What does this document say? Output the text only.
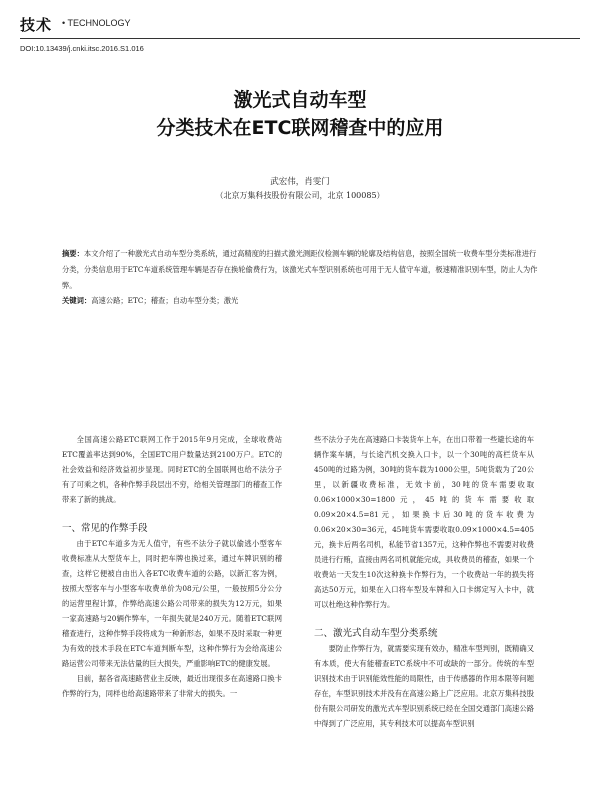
技术 • TECHNOLOGY
DOI:10.13439/j.cnki.itsc.2016.S1.016
激光式自动车型
分类技术在ETC联网稽查中的应用
武宏伟，肖雯门
（北京万集科技股份有限公司，北京 100085）
摘要：本文介绍了一种激光式自动车型分类系统，通过高精度的扫描式激光测距仪检测车辆的轮廓及结构信息，按照全国统一收费车型分类标准进行分类，分类信息用于ETC车道系统管理车辆是否存在换轮偷费行为，该激光式车型识别系统也可用于无人值守车道，极速精准识别车型，防止人为作弊。
关键词：高速公路；ETC；稽查；自动车型分类；激光

全国高速公路ETC联网工作于2015年9月完成，全球收费站ETC覆盖率达到90%，全国ETC用户数量达到2100万户。ETC的社会效益和经济效益初步显现。同时ETC的全国联网也给不法分子有了可乘之机，各种作弊手段层出不穷，给相关管理部门的稽查工作带来了新的挑战。

一、常见的作弊手段

由于ETC车道多为无人值守，有些不法分子就以偷逃小型客车收费标准从大型货车上，同时把车牌也换过来，通过车牌识别的稽查，这样它便被自由出入各ETC收费车道的公路，以新汇客为例，按照大型客车与小型客车收费单价为08元/公里，一般按照5分公分的运营里程计算，作弊给高速公路公司带来的损失为12万元，如果一家高速路与20辆作弊车，一年损失就是240万元。随着ETC联网稽查进行，这种作弊手段将成为一种新形态，如果不及时采取一种更为有效的技术手段在ETC车道判断车型，这种作弊行为会给高速公路运营公司带来无法估量的巨大损失，严重影响ETC的健康发展。

目前，据各省高速路营业主反映，最近出现很多在高速路口换卡作弊的行为，同样也给高速路带来了非常大的损失。一

些不法分子先在高速路口卡装货车上车，在出口带着一些避长途的车辆作案车辆，与长途汽机交换入口卡，以一个30吨的高栏货车从450吨的过路为例，30吨的货车载为1000公里，5吨货载为了20公里，以新疆收费标准，无效卡前，30吨的货车需要收取0.06×1000×30=1800元，45吨的货车需要收取0.09×20×4.5=81元，如果换卡后30吨的货车收费为0.06×20×30=36元，45吨货车需要收取0.09×1000×4.5=405元，换卡后两名司机，私能节省1357元，这种作弊也不需要对收费员进行行贿，直接由两名司机就能完成，具收费员的稽查，如果一个收费站一天发生10次这种换卡作弊行为，一个收费站一年的损失将高达50万元，如果在入口将车型及车牌和入口卡绑定写入卡中，就可以杜绝这种作弊行为。

二、激光式自动车型分类系统

要防止作弊行为，就需要实现有效办，精准车型判别，既精确又有本质，使大有能稽查ETC系统中不可或缺的一部分。传统的车型识别技术由于识别能效性能的局限性，由于传感器的作用本限等问题存在，车型识别技术并没有在高速公路上广泛应用。北京万集科技股份有限公司研发的激光式车型识别系统已经在全国交通部门高速公路中得到了广泛应用，其专利技术可以提高车型识别
